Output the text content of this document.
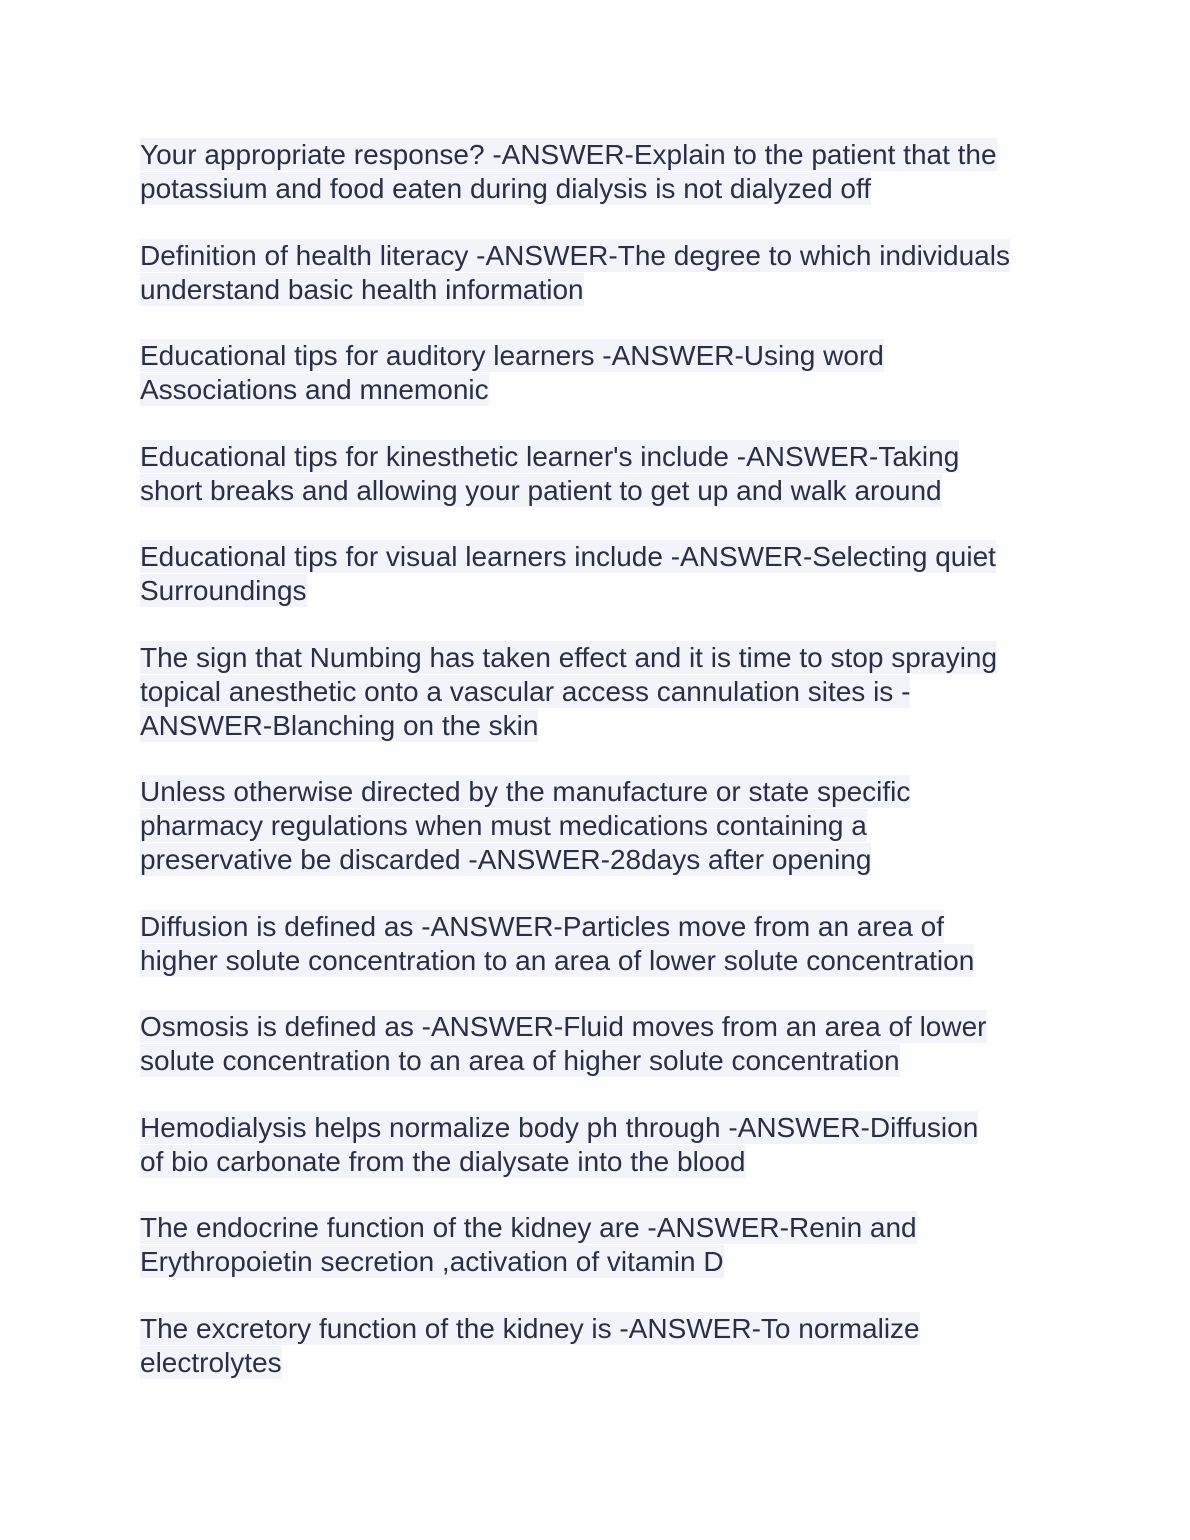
Your appropriate response? -ANSWER-Explain to the patient that the
potassium and food eaten during dialysis is not dialyzed off

Definition of health literacy -ANSWER-The degree to which individuals
understand basic health information

Educational tips for auditory learners -ANSWER-Using word
Associations and mnemonic

Educational tips for kinesthetic learner's include -ANSWER-Taking
short breaks and allowing your patient to get up and walk around

Educational tips for visual learners include -ANSWER-Selecting quiet
Surroundings

The sign that Numbing has taken effect and it is time to stop spraying
topical anesthetic onto a vascular access cannulation sites is -
ANSWER-Blanching on the skin

Unless otherwise directed by the manufacture or state specific
pharmacy regulations when must medications containing a
preservative be discarded -ANSWER-28days after opening

Diffusion is defined as -ANSWER-Particles move from an area of
higher solute concentration to an area of lower solute concentration

Osmosis is defined as -ANSWER-Fluid moves from an area of lower
solute concentration to an area of higher solute concentration

Hemodialysis helps normalize body ph through -ANSWER-Diffusion
of bio carbonate from the dialysate into the blood

The endocrine function of the kidney are -ANSWER-Renin and
Erythropoietin secretion ,activation of vitamin D

The excretory function of the kidney is -ANSWER-To normalize
electrolytes
